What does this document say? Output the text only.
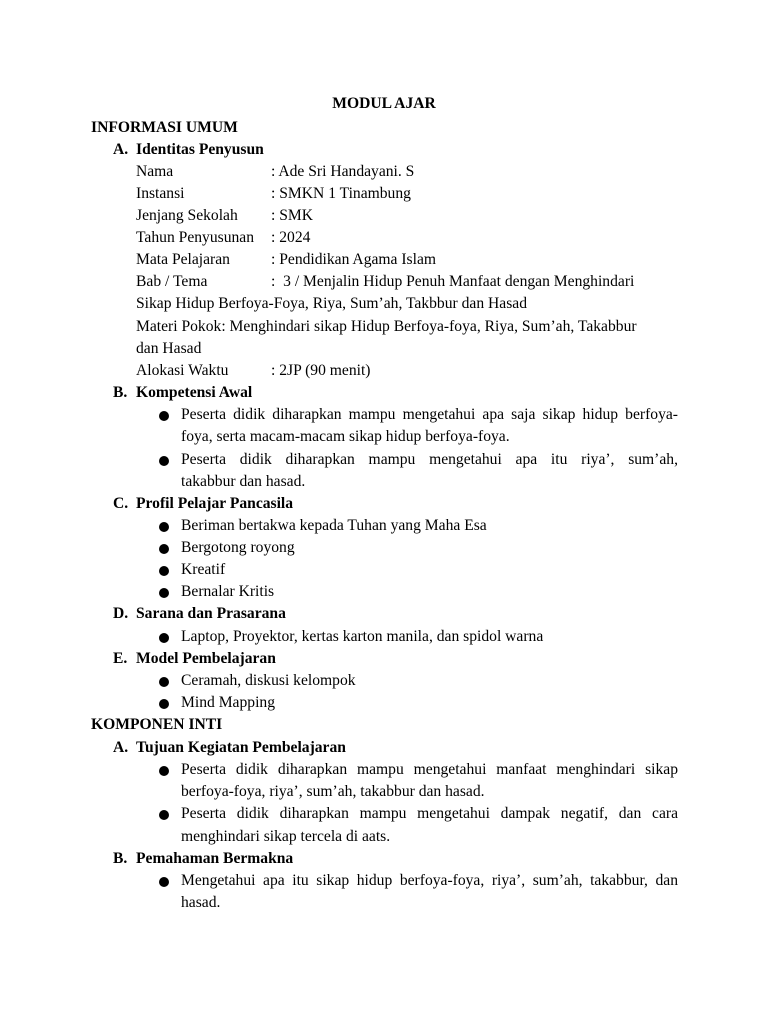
MODUL AJAR
INFORMASI UMUM
A. Identitas Penyusun
Nama	: Ade Sri Handayani. S
Instansi	: SMKN 1 Tinambung
Jenjang Sekolah : SMK
Tahun Penyusunan : 2024
Mata Pelajaran	: Pendidikan Agama Islam
Bab / Tema	:  3 / Menjalin Hidup Penuh Manfaat dengan Menghindari
Sikap Hidup Berfoya-Foya, Riya, Sum’ah, Takbbur dan Hasad
Materi Pokok: Menghindari sikap Hidup Berfoya-foya, Riya, Sum’ah, Takabbur
dan Hasad
Alokasi Waktu	: 2JP (90 menit)
B. Kompetensi Awal
Peserta didik diharapkan mampu mengetahui apa saja sikap hidup berfoya-
foya, serta macam-macam sikap hidup berfoya-foya.
Peserta didik diharapkan mampu mengetahui apa itu riya’, sum’ah,
takabbur dan hasad.
C. Profil Pelajar Pancasila
Beriman bertakwa kepada Tuhan yang Maha Esa
Bergotong royong
Kreatif
Bernalar Kritis
D. Sarana dan Prasarana
Laptop, Proyektor, kertas karton manila, dan spidol warna
E. Model Pembelajaran
Ceramah, diskusi kelompok
Mind Mapping
KOMPONEN INTI
A. Tujuan Kegiatan Pembelajaran
Peserta didik diharapkan mampu mengetahui manfaat menghindari sikap
berfoya-foya, riya’, sum’ah, takabbur dan hasad.
Peserta didik diharapkan mampu mengetahui dampak negatif, dan cara
menghindari sikap tercela di aats.
B. Pemahaman Bermakna
Mengetahui apa itu sikap hidup berfoya-foya, riya’, sum’ah, takabbur, dan
hasad.
